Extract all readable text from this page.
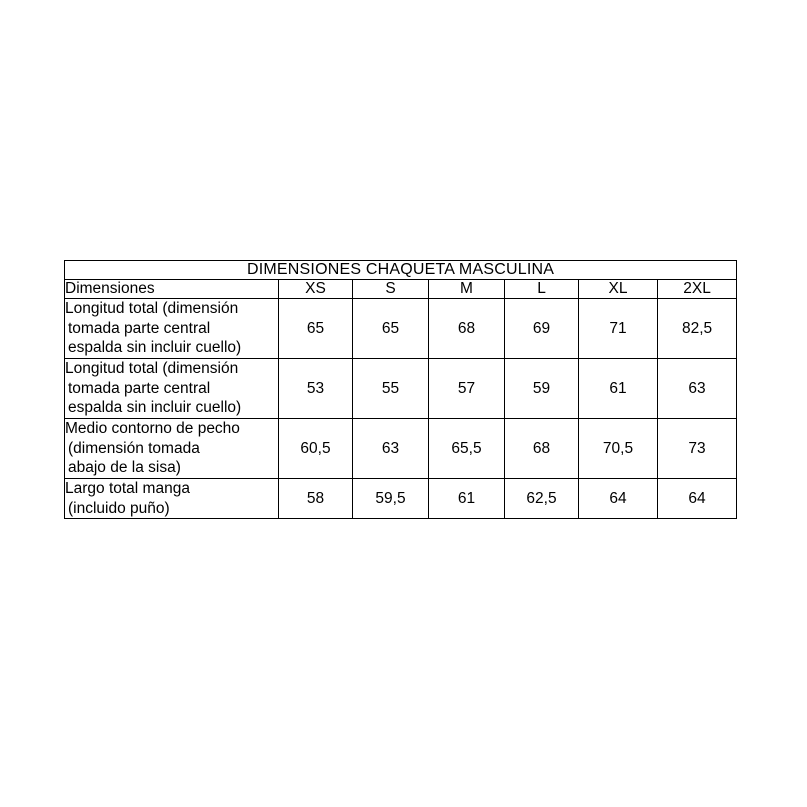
DIMENSIONES CHAQUETA MASCULINA						
Dimensiones	XS	S	M	L	XL	2XL
Longitud total (dimensión
tomada parte central
espalda sin incluir cuello)	65	65	68	69	71	82,5
Longitud total (dimensión
tomada parte central
espalda sin incluir cuello)	53	55	57	59	61	63
Medio contorno de pecho
(dimensión tomada
abajo de la sisa)	60,5	63	65,5	68	70,5	73
Largo total manga
(incluido puño)	58	59,5	61	62,5	64	64
